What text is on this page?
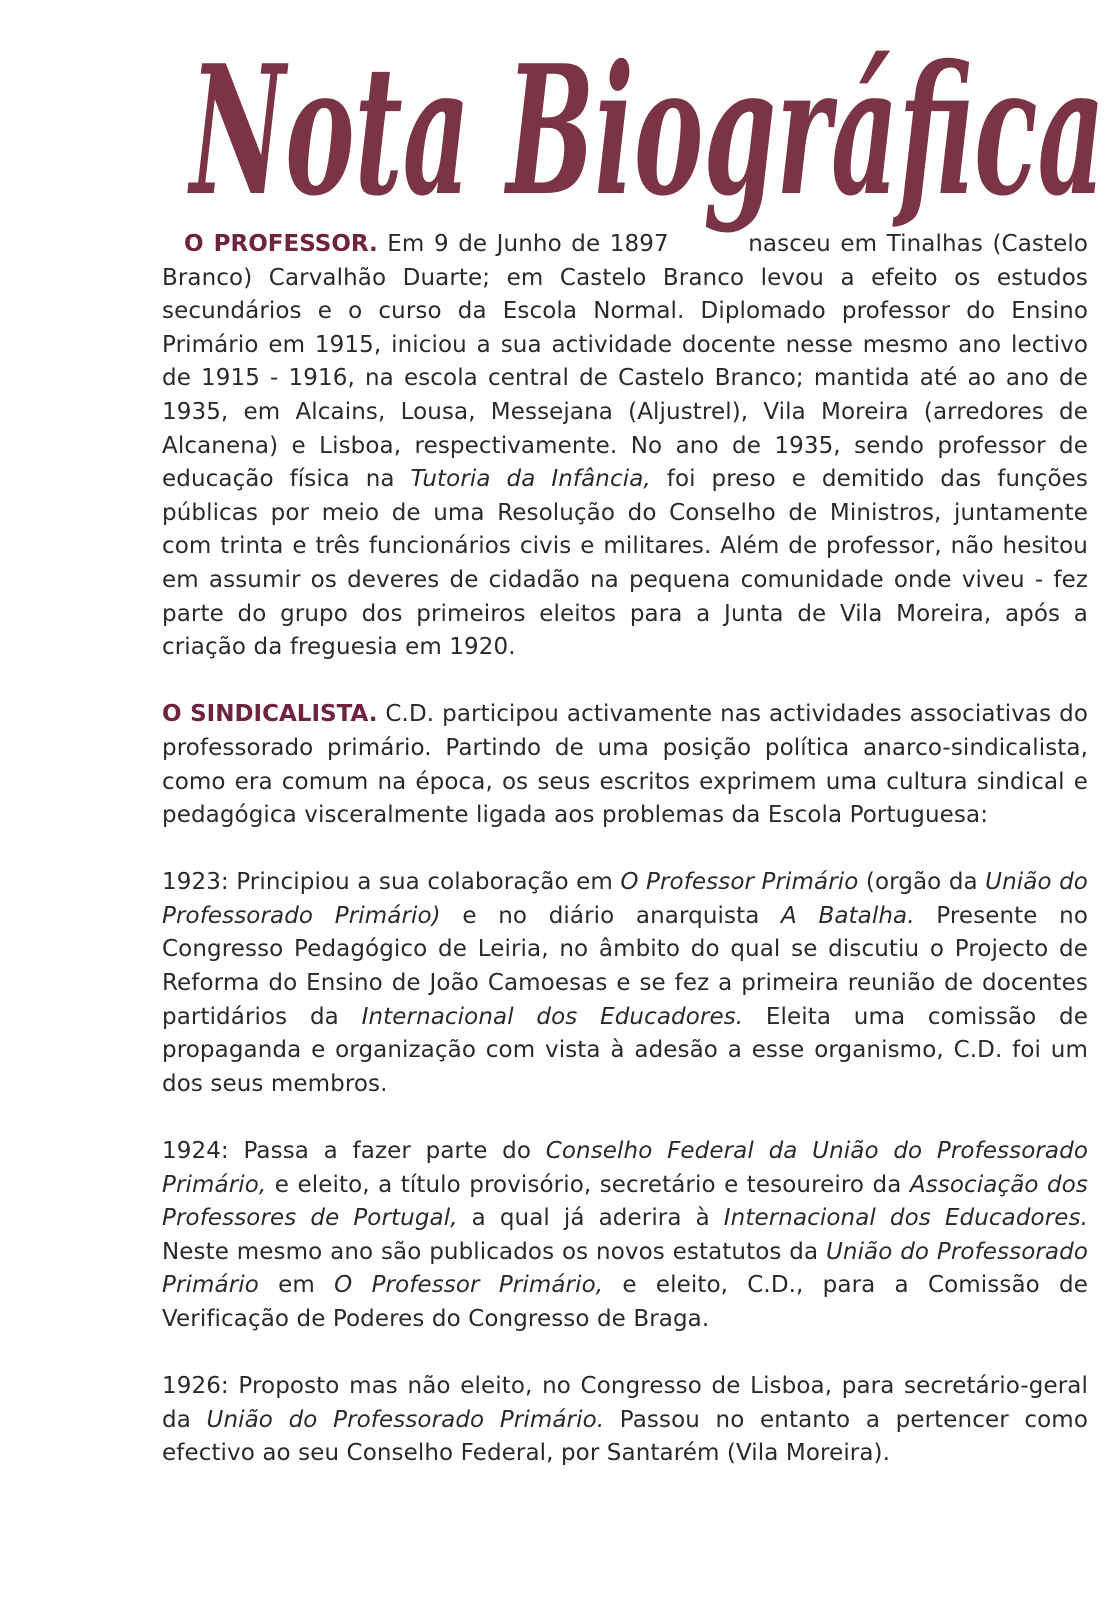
Nota Biográfica

O PROFESSOR. Em 9 de Junho de 1897	nasceu em Tinalhas (Castelo Branco) Carvalhão Duarte; em Castelo Branco levou a efeito os estudos secundários e o curso da Escola Normal. Diplomado professor do Ensino Primário em 1915, iniciou a sua actividade docente nesse mesmo ano lectivo de 1915 - 1916, na escola central de Castelo Branco; mantida até ao ano de 1935, em Alcains, Lousa, Messejana (Aljustrel), Vila Moreira (arredores de Alcanena) e Lisboa, respectivamente. No ano de 1935, sendo professor de educação física na Tutoria da Infância, foi preso e demitido das funções públicas por meio de uma Resolução do Conselho de Ministros, juntamente com trinta e três funcionários civis e militares. Além de professor, não hesitou em assumir os deveres de cidadão na pequena comunidade onde viveu - fez parte do grupo dos primeiros eleitos para a Junta de Vila Moreira, após a criação da freguesia em 1920.

O SINDICALISTA. C.D. participou activamente nas actividades associativas do professorado primário. Partindo de uma posição política anarco-sindicalista, como era comum na época, os seus escritos exprimem uma cultura sindical e pedagógica visceralmente ligada aos problemas da Escola Portuguesa:

1923: Principiou a sua colaboração em O Professor Primário (orgão da União do Professorado Primário) e no diário anarquista A Batalha. Presente no Congresso Pedagógico de Leiria, no âmbito do qual se discutiu o Projecto de Reforma do Ensino de João Camoesas e se fez a primeira reunião de docentes partidários da Internacional dos Educadores. Eleita uma comissão de propaganda e organização com vista à adesão a esse organismo, C.D. foi um dos seus membros.

1924: Passa a fazer parte do Conselho Federal da União do Professorado Primário, e eleito, a título provisório, secretário e tesoureiro da Associação dos Professores de Portugal, a qual já aderira à Internacional dos Educadores. Neste mesmo ano são publicados os novos estatutos da União do Professorado Primário em O Professor Primário, e eleito, C.D., para a Comissão de Verificação de Poderes do Congresso de Braga.

1926: Proposto mas não eleito, no Congresso de Lisboa, para secretário-geral da União do Professorado Primário. Passou no entanto a pertencer como efectivo ao seu Conselho Federal, por Santarém (Vila Moreira).
